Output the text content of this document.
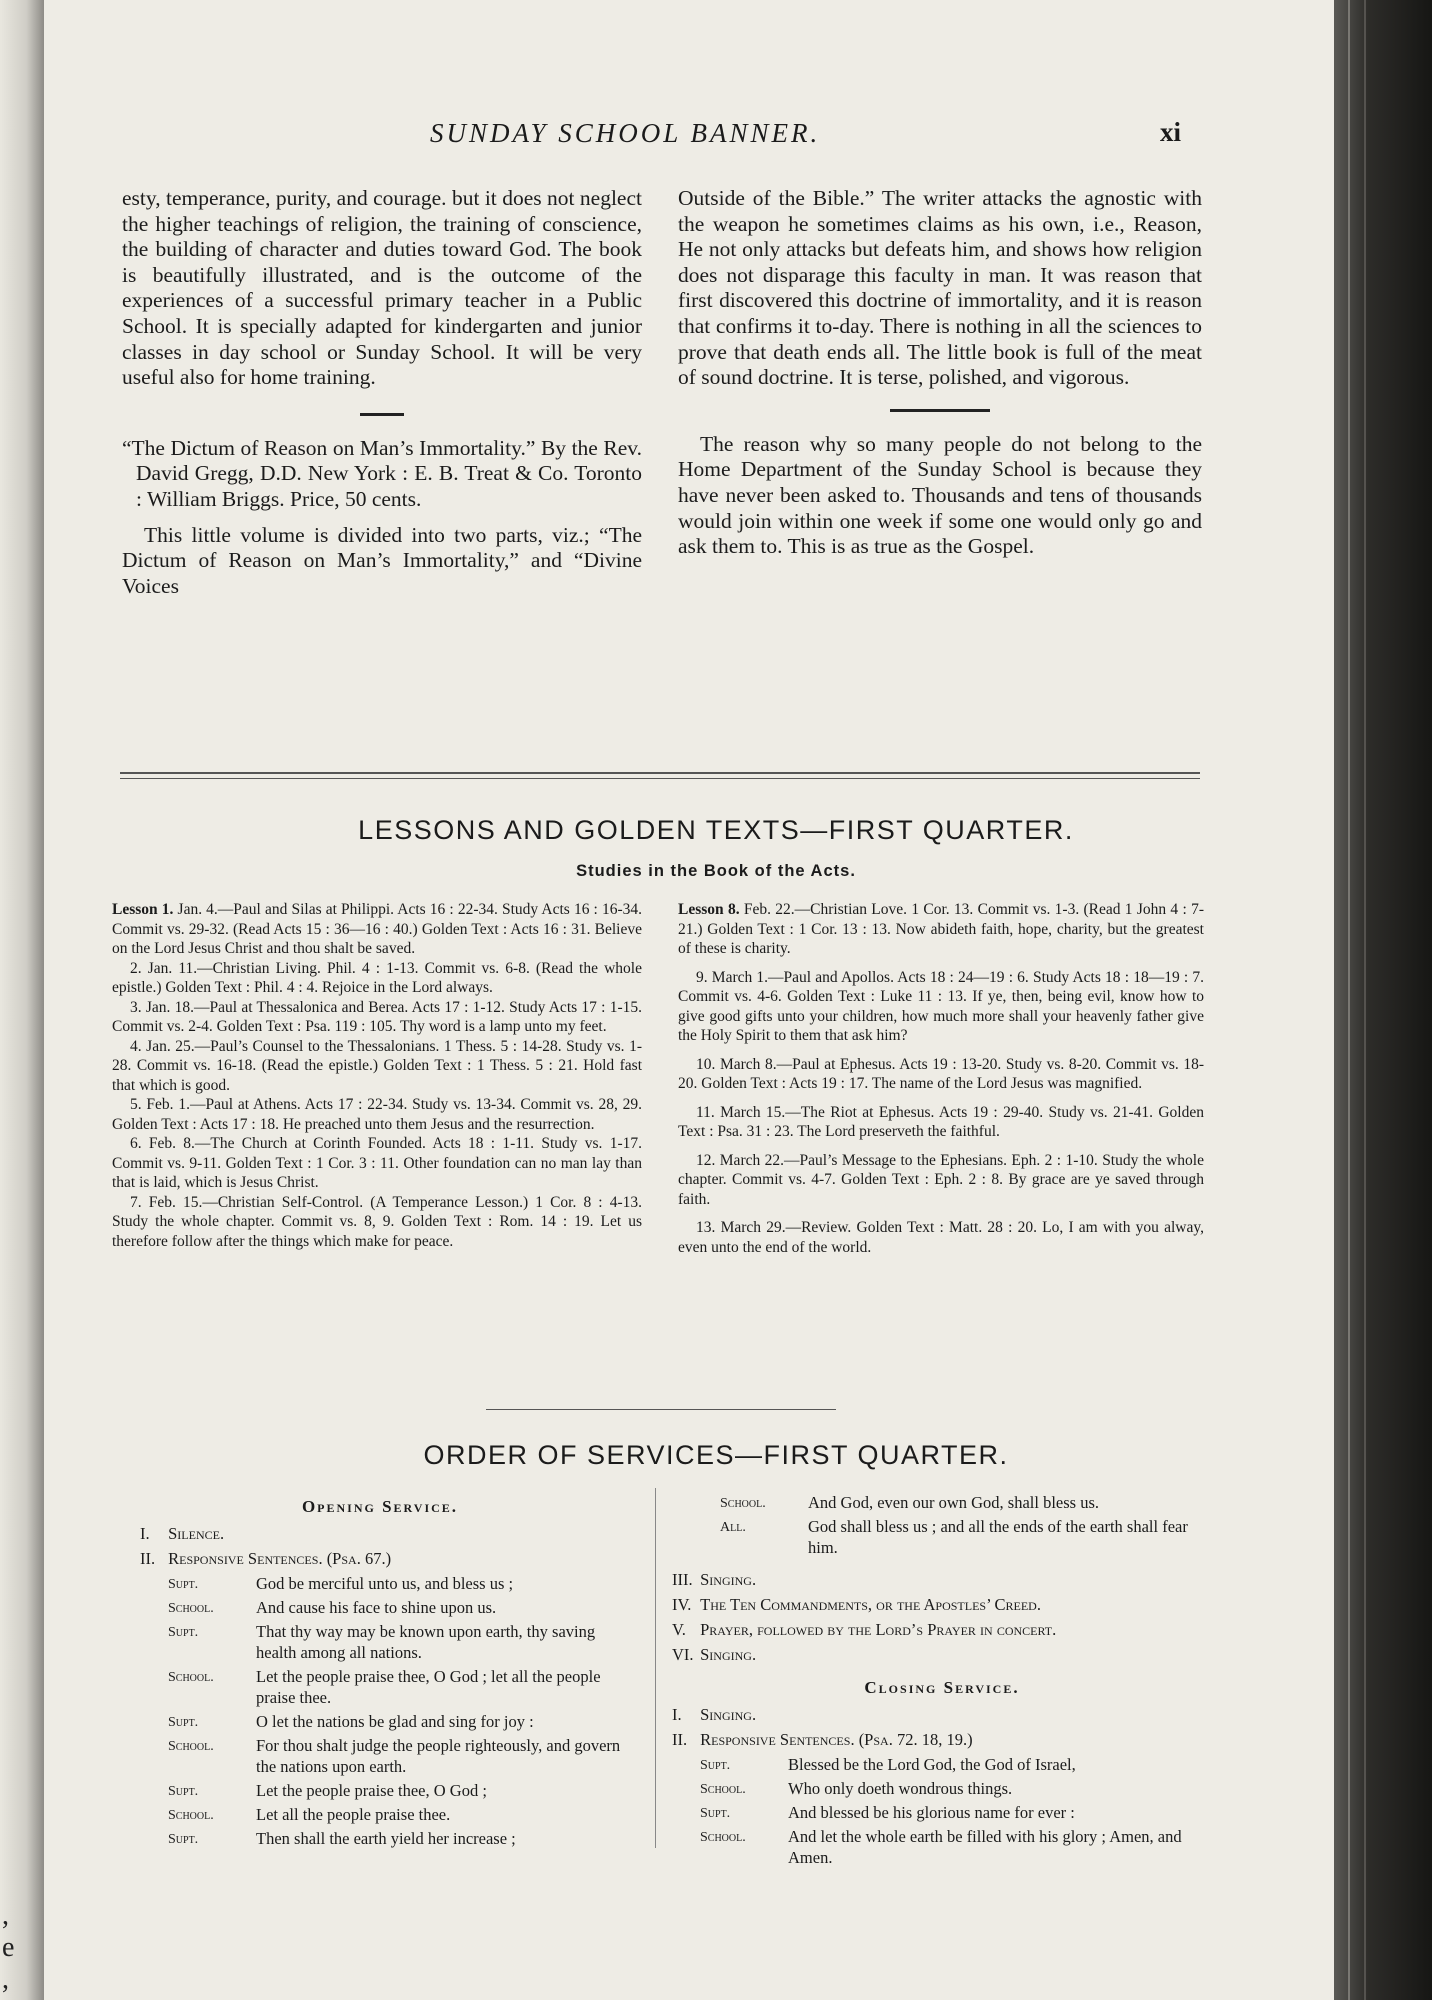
,
e
,
SUNDAY SCHOOL BANNER.	xi

esty, temperance, purity, and courage. but it does not neglect the higher teachings of religion, the training of conscience, the building of character and duties toward God. The book is beautifully illustrated, and is the outcome of the experiences of a successful primary teacher in a Public School. It is specially adapted for kindergarten and junior classes in day school or Sunday School. It will be very useful also for home training.

“The Dictum of Reason on Man’s Immortality.” By the Rev. David Gregg, D.D. New York : E. B. Treat & Co. Toronto : William Briggs. Price, 50 cents.

This little volume is divided into two parts, viz.; “The Dictum of Reason on Man’s Immortality,” and “Divine Voices

Outside of the Bible.” The writer attacks the agnostic with the weapon he sometimes claims as his own, i.e., Reason, He not only attacks but defeats him, and shows how religion does not disparage this faculty in man. It was reason that first discovered this doctrine of immortality, and it is reason that confirms it to-day. There is nothing in all the sciences to prove that death ends all. The little book is full of the meat of sound doctrine. It is terse, polished, and vigorous.

The reason why so many people do not belong to the Home Department of the Sunday School is because they have never been asked to. Thousands and tens of thousands would join within one week if some one would only go and ask them to. This is as true as the Gospel.

LESSONS AND GOLDEN TEXTS—FIRST QUARTER.
Studies in the Book of the Acts.

Lesson 1. Jan. 4.—Paul and Silas at Philippi. Acts 16 : 22-34. Study Acts 16 : 16-34. Commit vs. 29-32. (Read Acts 15 : 36—16 : 40.) Golden Text : Acts 16 : 31. Believe on the Lord Jesus Christ and thou shalt be saved.

2. Jan. 11.—Christian Living. Phil. 4 : 1-13. Commit vs. 6-8. (Read the whole epistle.) Golden Text : Phil. 4 : 4. Rejoice in the Lord always.

3. Jan. 18.—Paul at Thessalonica and Berea. Acts 17 : 1-12. Study Acts 17 : 1-15. Commit vs. 2-4. Golden Text : Psa. 119 : 105. Thy word is a lamp unto my feet.

4. Jan. 25.—Paul’s Counsel to the Thessalonians. 1 Thess. 5 : 14-28. Study vs. 1-28. Commit vs. 16-18. (Read the epistle.) Golden Text : 1 Thess. 5 : 21. Hold fast that which is good.

5. Feb. 1.—Paul at Athens. Acts 17 : 22-34. Study vs. 13-34. Commit vs. 28, 29. Golden Text : Acts 17 : 18. He preached unto them Jesus and the resurrection.

6. Feb. 8.—The Church at Corinth Founded. Acts 18 : 1-11. Study vs. 1-17. Commit vs. 9-11. Golden Text : 1 Cor. 3 : 11. Other foundation can no man lay than that is laid, which is Jesus Christ.

7. Feb. 15.—Christian Self-Control. (A Temperance Lesson.) 1 Cor. 8 : 4-13. Study the whole chapter. Commit vs. 8, 9. Golden Text : Rom. 14 : 19. Let us therefore follow after the things which make for peace.

Lesson 8. Feb. 22.—Christian Love. 1 Cor. 13. Commit vs. 1-3. (Read 1 John 4 : 7-21.) Golden Text : 1 Cor. 13 : 13. Now abideth faith, hope, charity, but the greatest of these is charity.

9. March 1.—Paul and Apollos. Acts 18 : 24—19 : 6. Study Acts 18 : 18—19 : 7. Commit vs. 4-6. Golden Text : Luke 11 : 13. If ye, then, being evil, know how to give good gifts unto your children, how much more shall your heavenly father give the Holy Spirit to them that ask him?

10. March 8.—Paul at Ephesus. Acts 19 : 13-20. Study vs. 8-20. Commit vs. 18-20. Golden Text : Acts 19 : 17. The name of the Lord Jesus was magnified.

11. March 15.—The Riot at Ephesus. Acts 19 : 29-40. Study vs. 21-41. Golden Text : Psa. 31 : 23. The Lord preserveth the faithful.

12. March 22.—Paul’s Message to the Ephesians. Eph. 2 : 1-10. Study the whole chapter. Commit vs. 4-7. Golden Text : Eph. 2 : 8. By grace are ye saved through faith.

13. March 29.—Review. Golden Text : Matt. 28 : 20. Lo, I am with you alway, even unto the end of the world.

ORDER OF SERVICES—FIRST QUARTER.
Opening Service.
I. Silence.
II. Responsive Sentences. (Psa. 67.)
Supt.	God be merciful unto us, and bless us ;
School.	And cause his face to shine upon us.
Supt.	That thy way may be known upon earth, thy saving health among all nations.
School.	Let the people praise thee, O God ; let all the people praise thee.
Supt.	O let the nations be glad and sing for joy :
School.	For thou shalt judge the people righteously, and govern the nations upon earth.
Supt.	Let the people praise thee, O God ;
School.	Let all the people praise thee.
Supt.	Then shall the earth yield her increase ;
School.	And God, even our own God, shall bless us.
All.	God shall bless us ; and all the ends of the earth shall fear him.
III. Singing.
IV. The Ten Commandments, or the Apostles’ Creed.
V. Prayer, followed by the Lord’s Prayer in concert.
VI. Singing.
Closing Service.
I. Singing.
II. Responsive Sentences. (Psa. 72. 18, 19.)
Supt.	Blessed be the Lord God, the God of Israel,
School.	Who only doeth wondrous things.
Supt.	And blessed be his glorious name for ever :
School.	And let the whole earth be filled with his glory ; Amen, and Amen.
